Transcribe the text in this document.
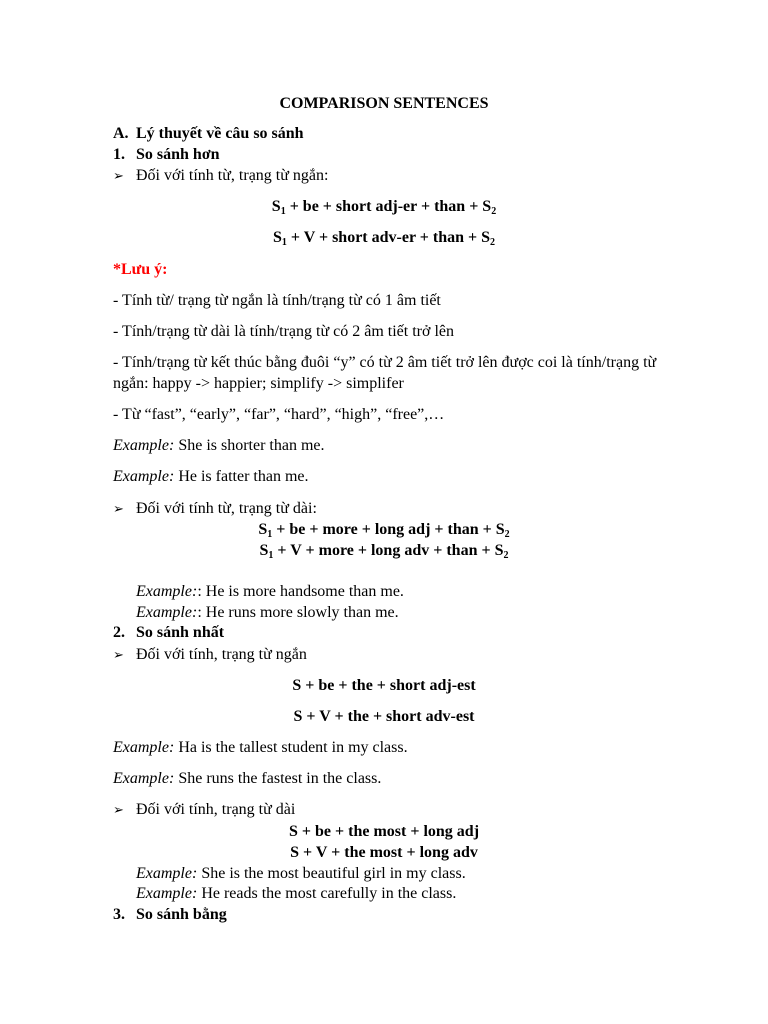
COMPARISON SENTENCES
A. Lý thuyết về câu so sánh
1. So sánh hơn
➢ Đối với tính từ, trạng từ ngắn:
$S_1$ + be + short adj-er + than + $S_2$
$S_1 + V$ + short adv-er + than + $S_2$
*Lưu ý:
- Tính từ/ trạng từ ngắn là tính/trạng từ có 1 âm tiết
- Tính/trạng từ dài là tính/trạng từ có 2 âm tiết trở lên
- Tính/trạng từ kết thúc bằng đuôi “y” có từ 2 âm tiết trở lên được coi là tính/trạng từ
ngắn: happy -> happier; simplify -> simplifer
- Từ “fast”, “early”, “far”, “hard”, “high”, “free”,…
Example: She is shorter than me.
Example: He is fatter than me.
➢ Đối với tính từ, trạng từ dài:
$S_1$ + be + more + long adj + than + $S_2$
$S_1 + V$ + more + long adv + than + $S_2$
Example:: He is more handsome than me.
Example:: He runs more slowly than me.
2. So sánh nhất
➢ Đối với tính, trạng từ ngắn
S + be + the + short adj-est
S + V + the + short adv-est
Example: Ha is the tallest student in my class.
Example: She runs the fastest in the class.
➢ Đối với tính, trạng từ dài
S + be + the most + long adj
S + V + the most + long adv
Example: She is the most beautiful girl in my class.
Example: He reads the most carefully in the class.
3. So sánh bằng
